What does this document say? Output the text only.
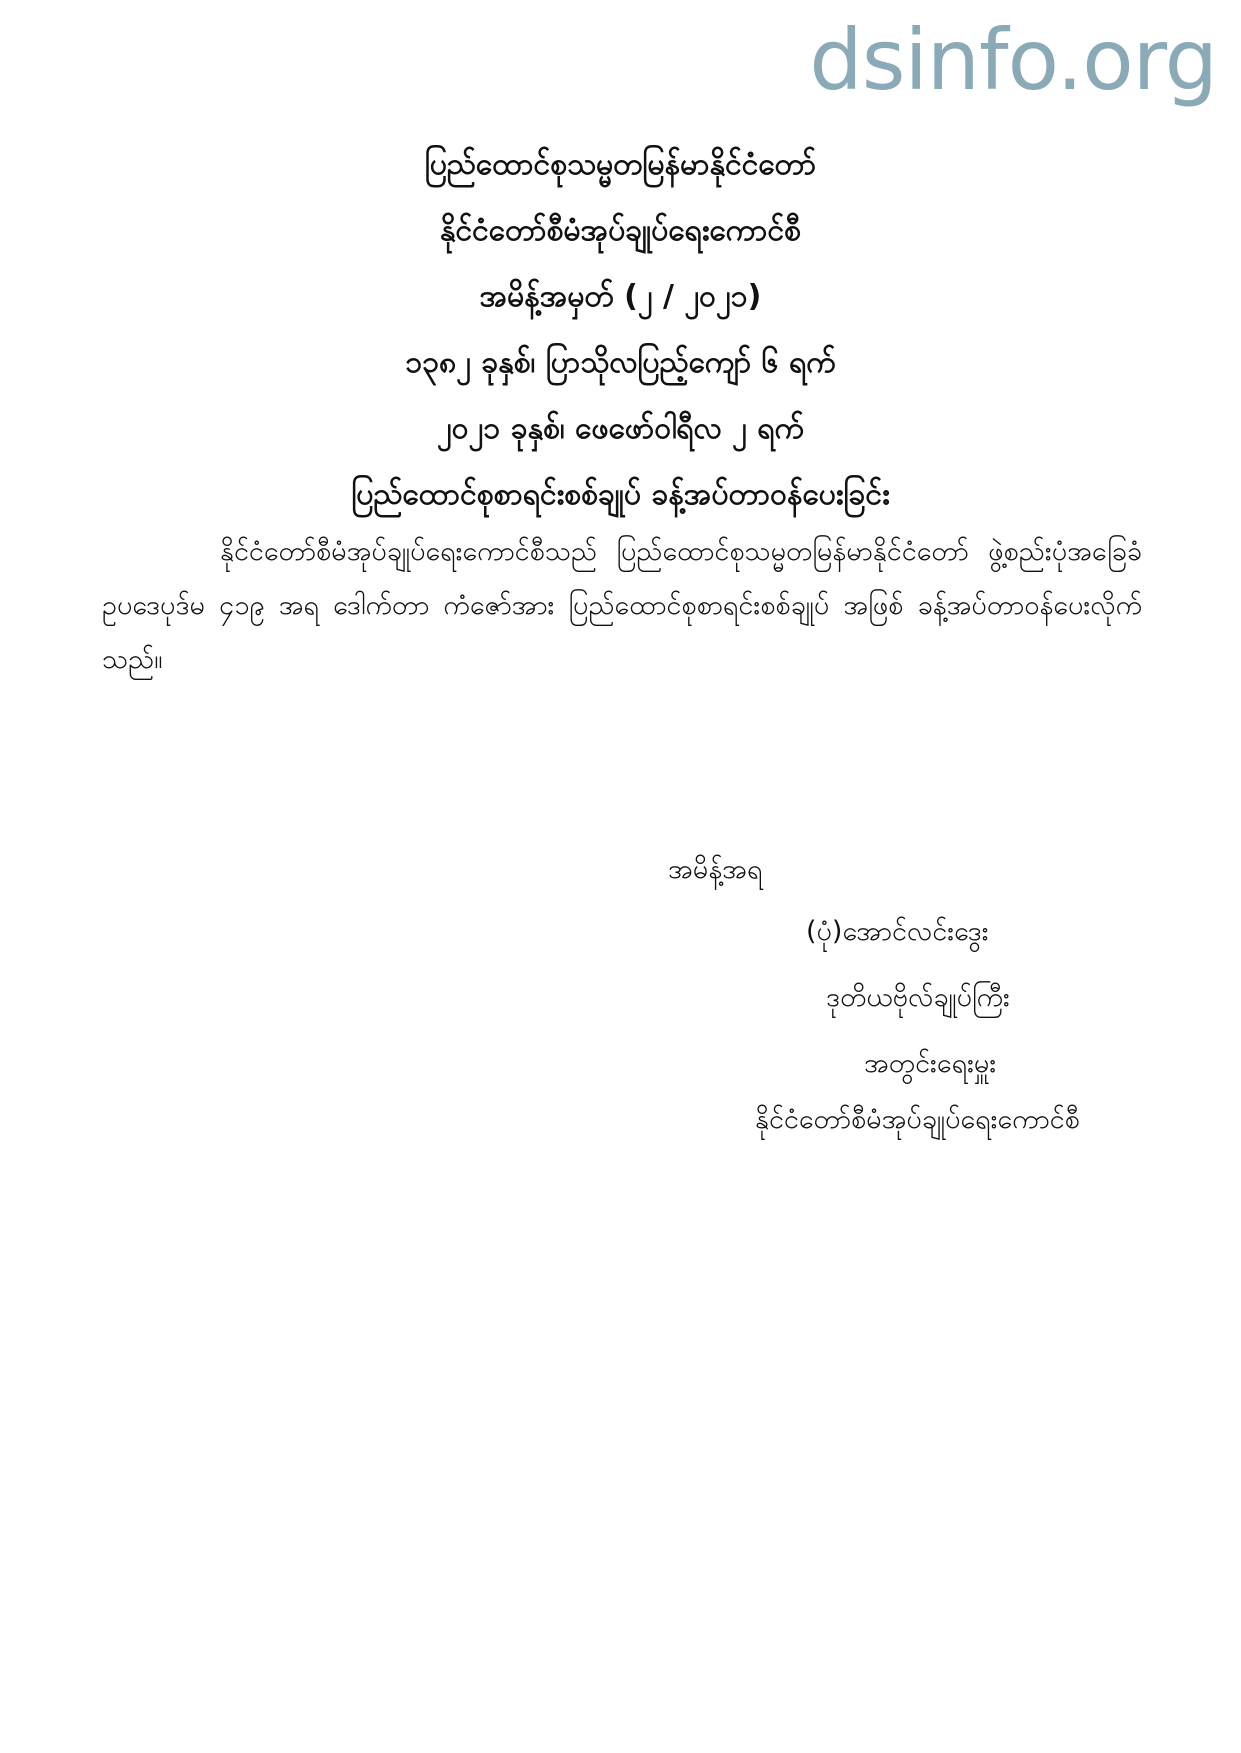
dsinfo.org
ပြည်ထောင်စုသမ္မတမြန်မာနိုင်ငံတော်
နိုင်ငံတော်စီမံအုပ်ချုပ်ရေးကောင်စီ
အမိန့်အမှတ် (၂ / ၂၀၂၁)
၁၃၈၂ ခုနှစ်၊ ပြာသိုလပြည့်ကျော် ၆ ရက်
၂၀၂၁ ခုနှစ်၊ ဖေဖော်ဝါရီလ ၂ ရက်
ပြည်ထောင်စုစာရင်းစစ်ချုပ် ခန့်အပ်တာဝန်ပေးခြင်း
နိုင်ငံတော်စီမံအုပ်ချုပ်ရေးကောင်စီသည် ပြည်ထောင်စုသမ္မတမြန်မာနိုင်ငံတော် ဖွဲ့စည်းပုံအခြေခံဥပဒေပုဒ်မ ၄၁၉ အရ ဒေါက်တာ ကံဇော်အား ပြည်ထောင်စုစာရင်းစစ်ချုပ် အဖြစ် ခန့်အပ်တာဝန်ပေးလိုက်သည်။
အမိန့်အရ
(ပုံ)အောင်လင်းဒွေး
ဒုတိယဗိုလ်ချုပ်ကြီး
အတွင်းရေးမှူး
နိုင်ငံတော်စီမံအုပ်ချုပ်ရေးကောင်စီ
